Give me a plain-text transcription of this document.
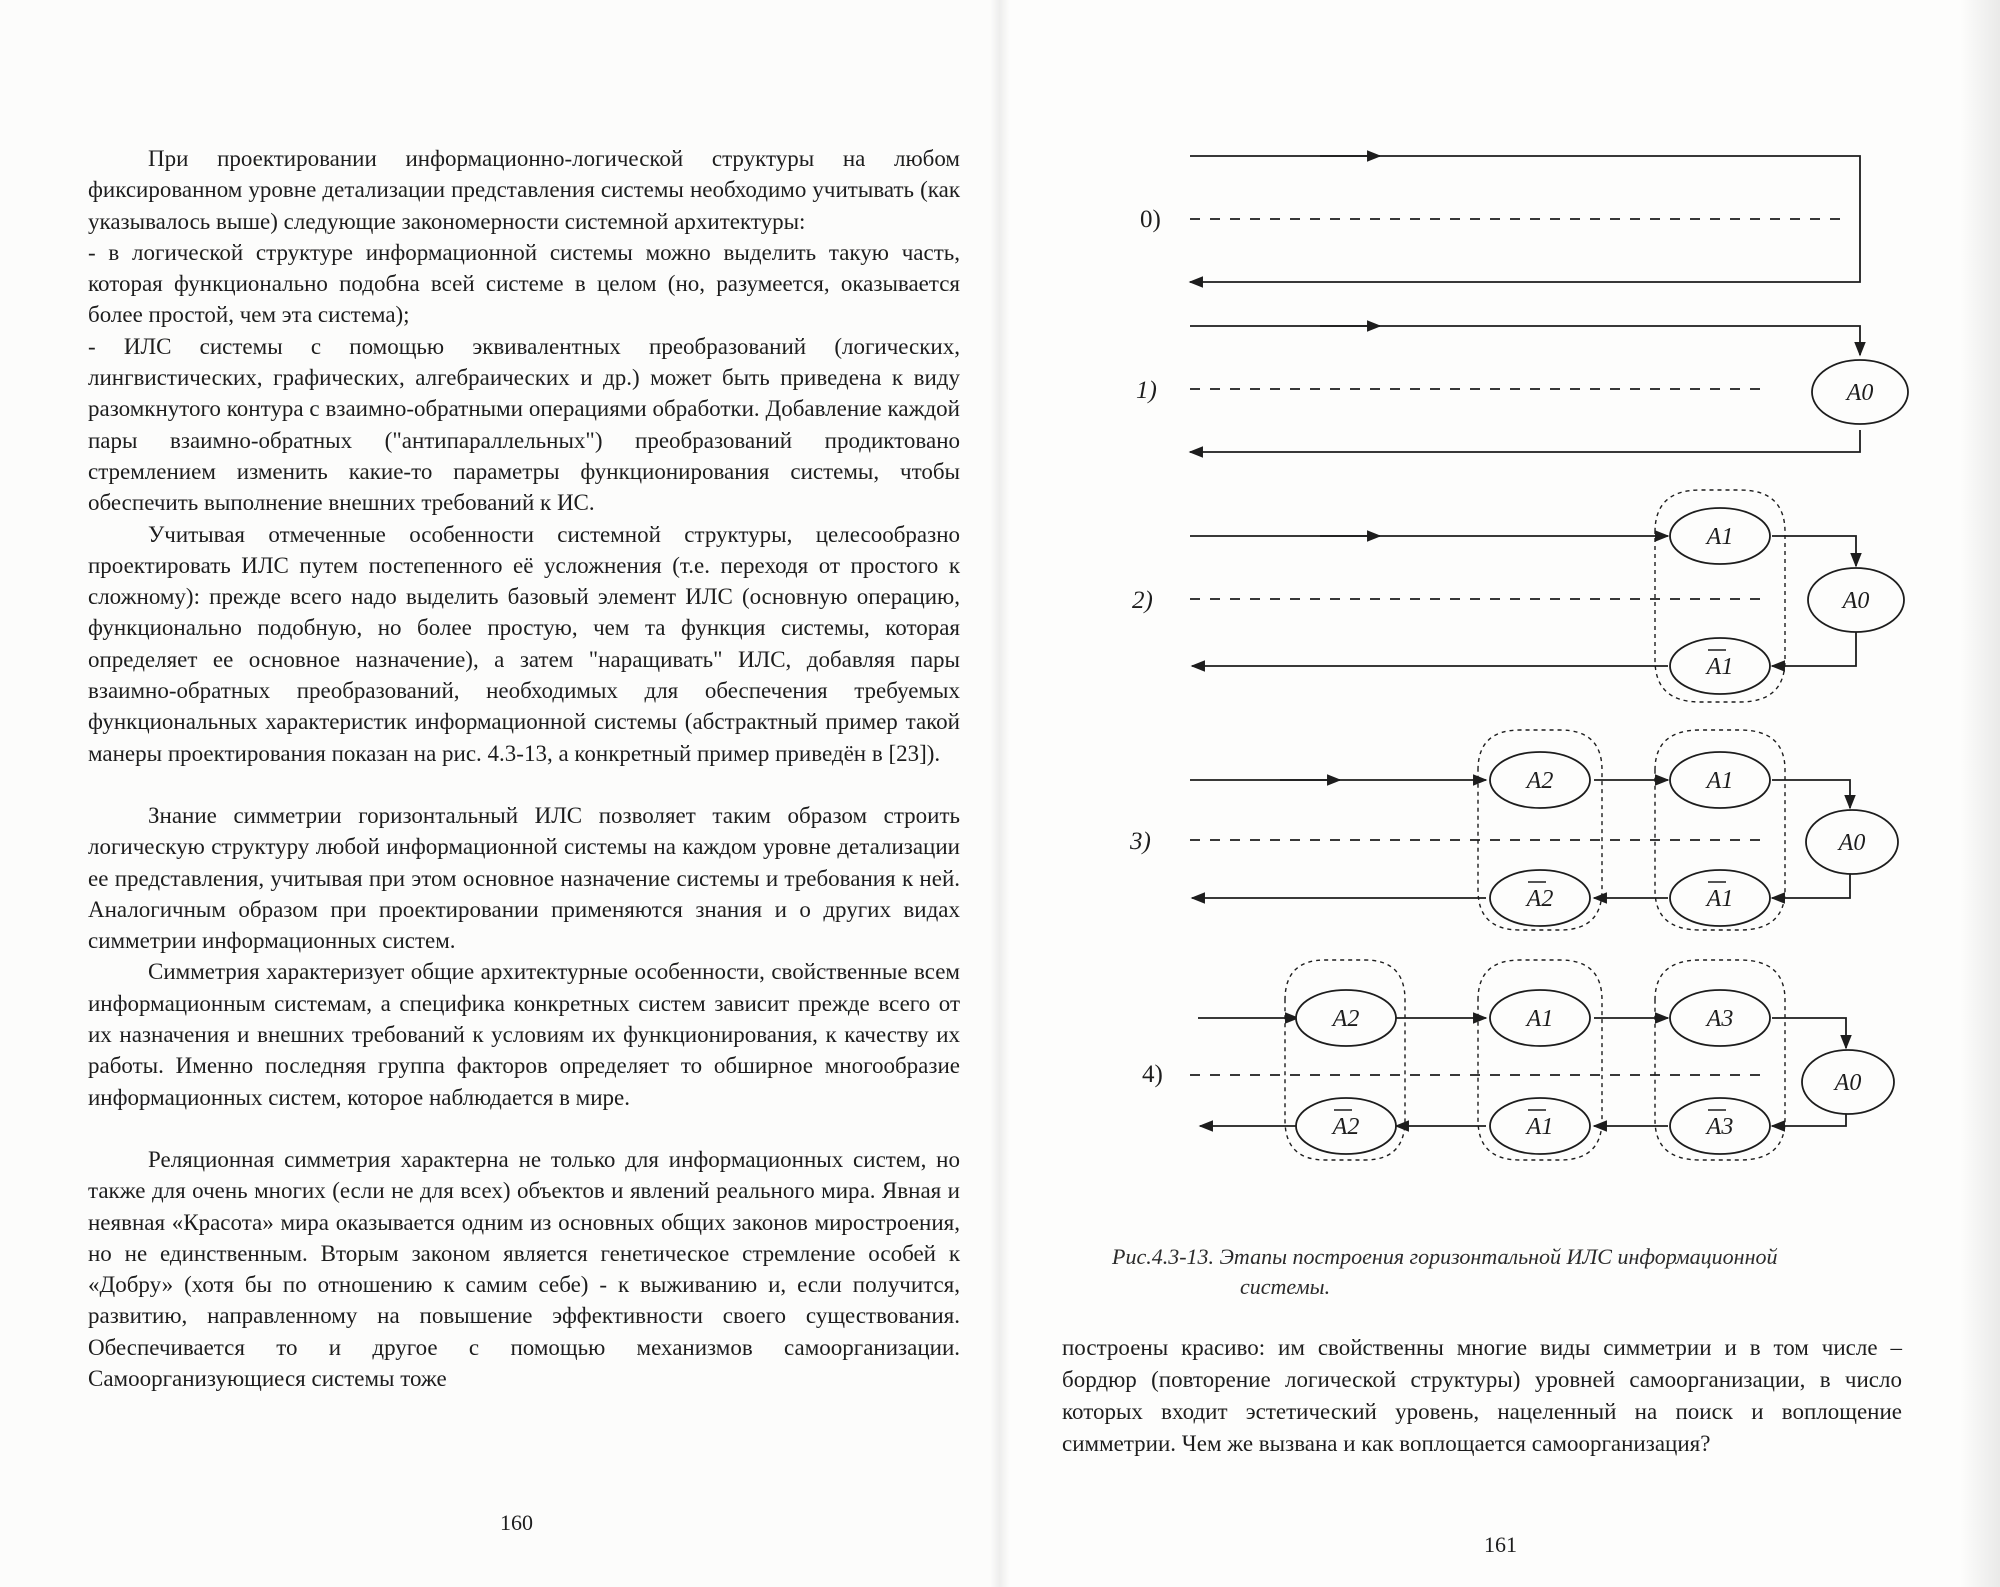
При проектировании информационно-логической структуры на любом фиксированном уровне детализации представления системы необходимо учитывать (как указывалось выше) следующие закономерности системной архитектуры:

- в логической структуре информационной системы можно выделить такую часть, которая функционально подобна всей системе в целом (но, разумеется, оказывается более простой, чем эта система);

- ИЛС системы с помощью эквивалентных преобразований (логических, лингвистических, графических, алгебраических и др.) может быть приведена к виду разомкнутого контура с взаимно-обратными операциями обработки. Добавление каждой пары взаимно-обратных ("антипараллельных") преобразований продиктовано стремлением изменить какие-то параметры функционирования системы, чтобы обеспечить выполнение внешних требований к ИС.

Учитывая отмеченные особенности системной структуры, целесообразно проектировать ИЛС путем постепенного её усложнения (т.е. переходя от простого к сложному): прежде всего надо выделить базовый элемент ИЛС (основную операцию, функционально подобную, но более простую, чем та функция системы, которая определяет ее основное назначение), а затем "наращивать" ИЛС, добавляя пары взаимно-обратных преобразований, необходимых для обеспечения требуемых функциональных характеристик информационной системы (абстрактный пример такой манеры проектирования показан на рис. 4.3-13, а конкретный пример приведён в [23]).

Знание симметрии горизонтальный ИЛС позволяет таким образом строить логическую структуру любой информационной системы на каждом уровне детализации ее представления, учитывая при этом основное назначение системы и требования к ней. Аналогичным образом при проектировании применяются знания и о других видах симметрии информационных систем.

Симметрия характеризует общие архитектурные особенности, свойственные всем информационным системам, а специфика конкретных систем зависит прежде всего от их назначения и внешних требований к условиям их функционирования, к качеству их работы. Именно последняя группа факторов определяет то обширное многообразие информационных систем, которое наблюдается в мире.

Реляционная симметрия характерна не только для информационных систем, но также для очень многих (если не для всех) объектов и явлений реального мира. Явная и неявная «Красота» мира оказывается одним из основных общих законов миростроения, но не единственным. Вторым законом является генетическое стремление особей к «Добру» (хотя бы по отношению к самим себе) - к выживанию и, если получится, развитию, направленному на повышение эффективности своего существования. Обеспечивается то и другое с помощью механизмов самоорганизации. Самоорганизующиеся системы тоже

160
A0
A1
A0
A1
A2	A1
A0
A2	A1
A2	A1	A3
A0
A2	A1	A3
0)
1)
2)
3)
4)
Рис.4.3-13. Этапы построения горизонтальной ИЛС информационной
системы.

построены красиво: им свойственны многие виды симметрии и в том числе – бордюр (повторение логической структуры) уровней самоорганизации, в число которых входит эстетический уровень, нацеленный на поиск и воплощение симметрии. Чем же вызвана и как воплощается самоорганизация?

161
